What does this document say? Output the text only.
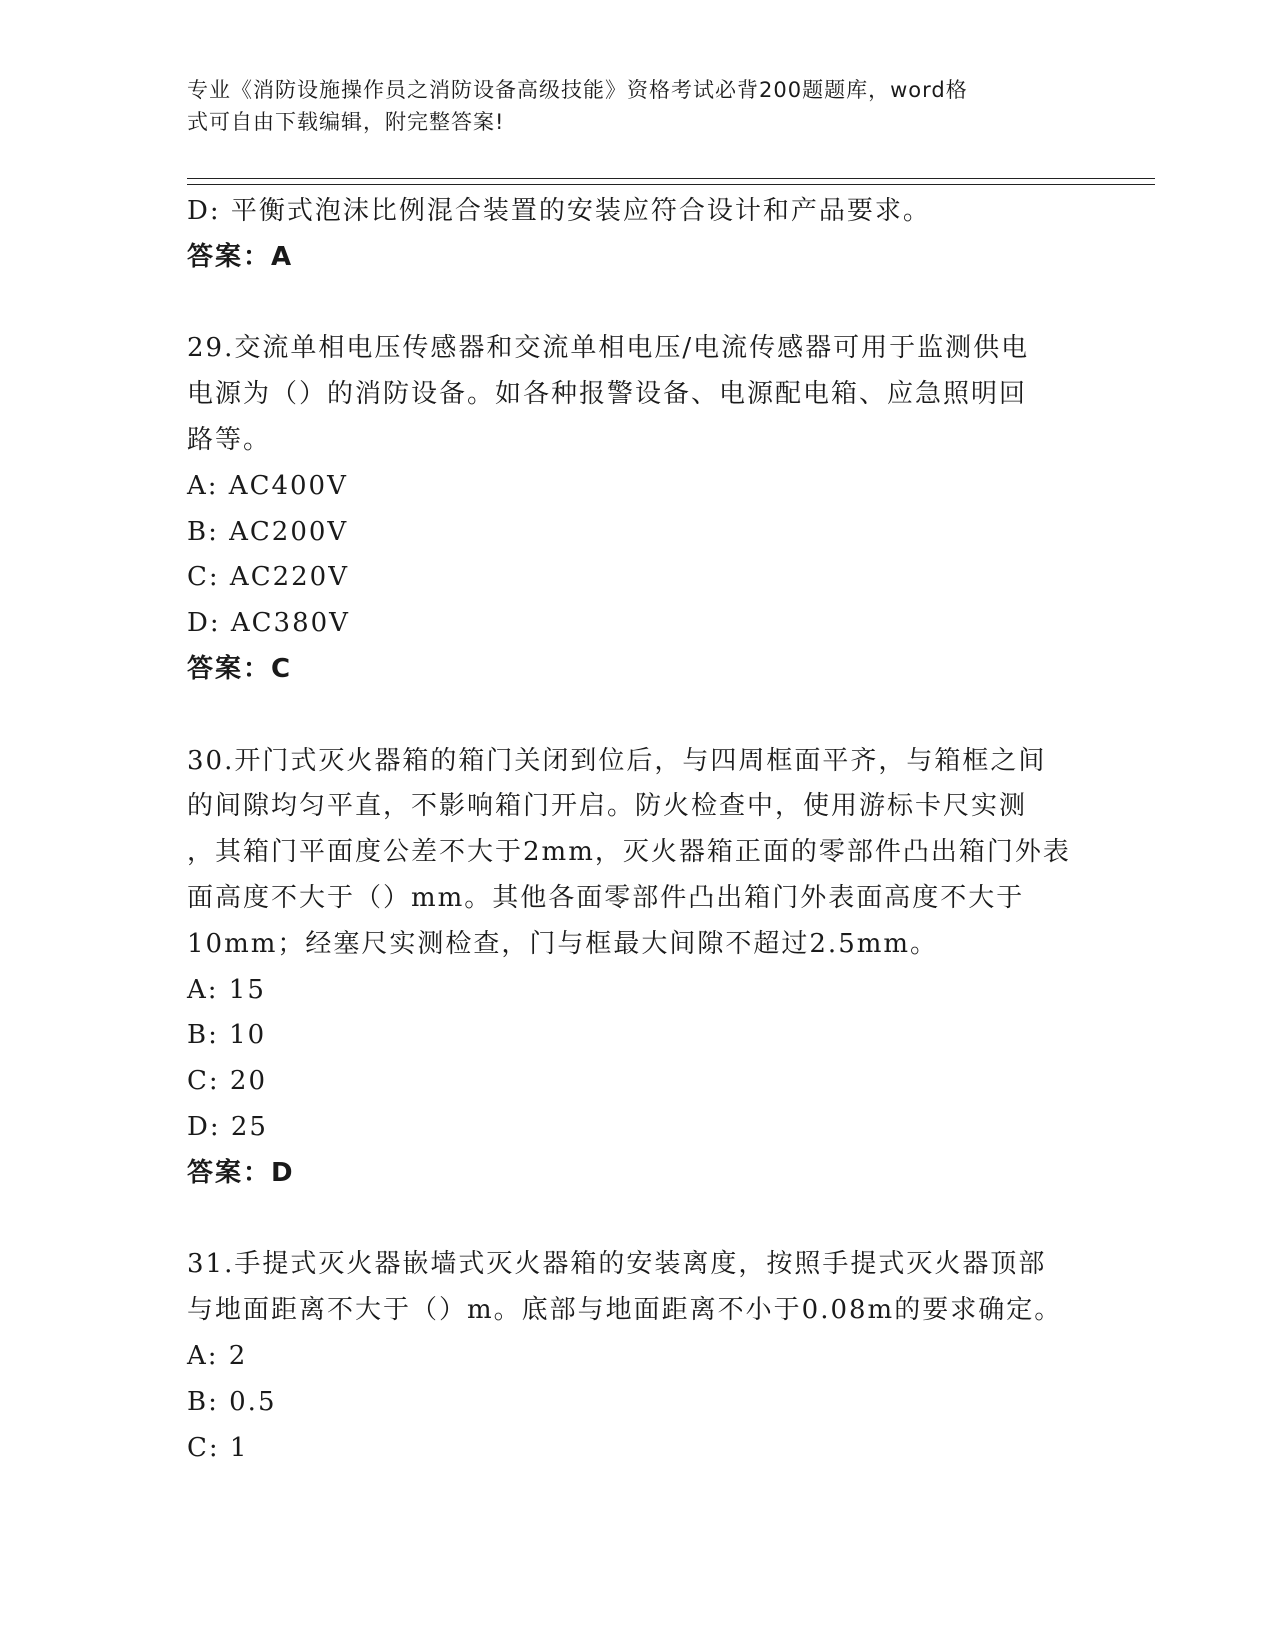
专业《消防设施操作员之消防设备高级技能》资格考试必背200题题库，word格
式可自由下载编辑，附完整答案!
D: 平衡式泡沫比例混合装置的安装应符合设计和产品要求。
答案：A
29.交流单相电压传感器和交流单相电压/电流传感器可用于监测供电
电源为（）的消防设备。如各种报警设备、电源配电箱、应急照明回
路等。
A: AC400V
B: AC200V
C: AC220V
D: AC380V
答案：C
30.开门式灭火器箱的箱门关闭到位后，与四周框面平齐，与箱框之间
的间隙均匀平直，不影响箱门开启。防火检查中，使用游标卡尺实测
，其箱门平面度公差不大于2mm，灭火器箱正面的零部件凸出箱门外表
面高度不大于（）mm。其他各面零部件凸出箱门外表面高度不大于
10mm；经塞尺实测检查，门与框最大间隙不超过2.5mm。
A: 15
B: 10
C: 20
D: 25
答案：D
31.手提式灭火器嵌墙式灭火器箱的安装离度，按照手提式灭火器顶部
与地面距离不大于（）m。底部与地面距离不小于0.08m的要求确定。
A: 2
B: 0.5
C: 1
